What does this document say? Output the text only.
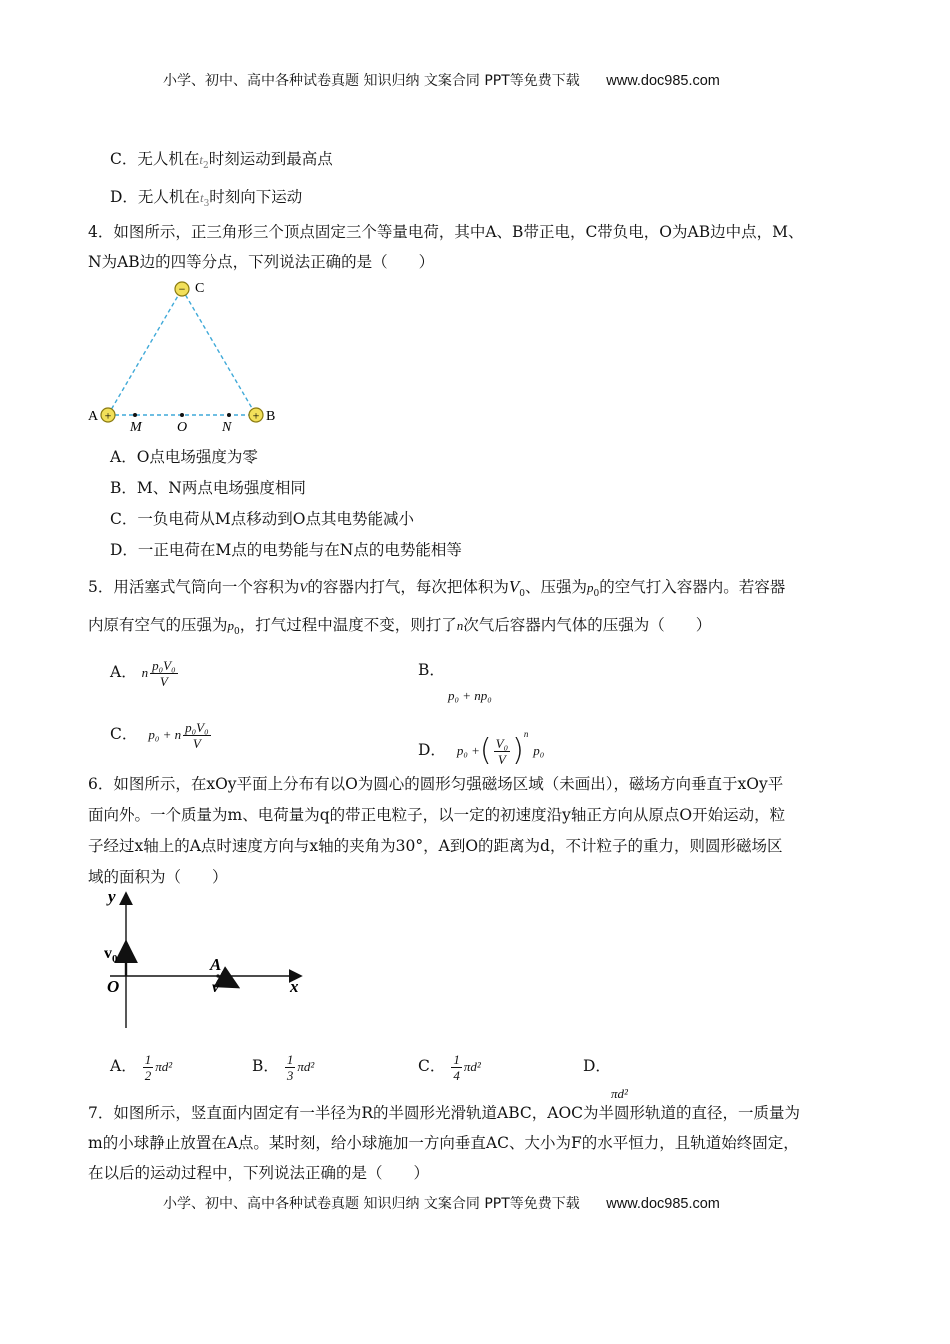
小学、初中、高中各种试卷真题 知识归纳 文案合同 PPT等免费下载 www.doc985.com
C．无人机在$t_2$时刻运动到最高点
D．无人机在$t_3$时刻向下运动
4．如图所示，正三角形三个顶点固定三个等量电荷，其中A、B带正电，C带负电，O为AB边中点，M、
N为AB边的四等分点，下列说法正确的是（　　）
−
+	+
C
A	B
M	O N
A．O点电场强度为零
B．M、N两点电场强度相同
C．一负电荷从M点移动到O点其电势能减小
D．一正电荷在M点的电势能与在N点的电势能相等
5．用活塞式气筒向一个容积为V的容器内打气，每次把体积为$V_0$、压强为$p_0$的空气打入容器内。若容器
内原有空气的压强为$p_0$，打气过程中温度不变，则打了n次气后容器内气体的压强为（　　）
A． n $\frac{\text{p₀V₀}}{V}$	B．
p₀ + np₀
C． p₀ + n $\frac{\text{p₀V₀}}{V}$	D． p₀ +( $\frac{\text{V₀}}{V} )^n$ p₀
6．如图所示，在xOy平面上分布有以O为圆心的圆形匀强磁场区域（未画出），磁场方向垂直于xOy平
面向外。一个质量为m、电荷量为q的带正电粒子，以一定的初速度沿y轴正方向从原点O开始运动，粒
子经过x轴上的A点时速度方向与x轴的夹角为30°，A到O的距离为d，不计粒子的重力，则圆形磁场区
域的面积为（　　）
y
x
O
A
v
$v_0$
A． $\frac{1}{2} \pi d^2$	B． $\frac{1}{3} \pi d^2$	C． $\frac{1}{4} \pi d^2$	D．
πd²
7．如图所示，竖直面内固定有一半径为R的半圆形光滑轨道ABC，AOC为半圆形轨道的直径，一质量为
m的小球静止放置在A点。某时刻，给小球施加一方向垂直AC、大小为F的水平恒力，且轨道始终固定，
在以后的运动过程中，下列说法正确的是（　　）
小学、初中、高中各种试卷真题 知识归纳 文案合同 PPT等免费下载 www.doc985.com
